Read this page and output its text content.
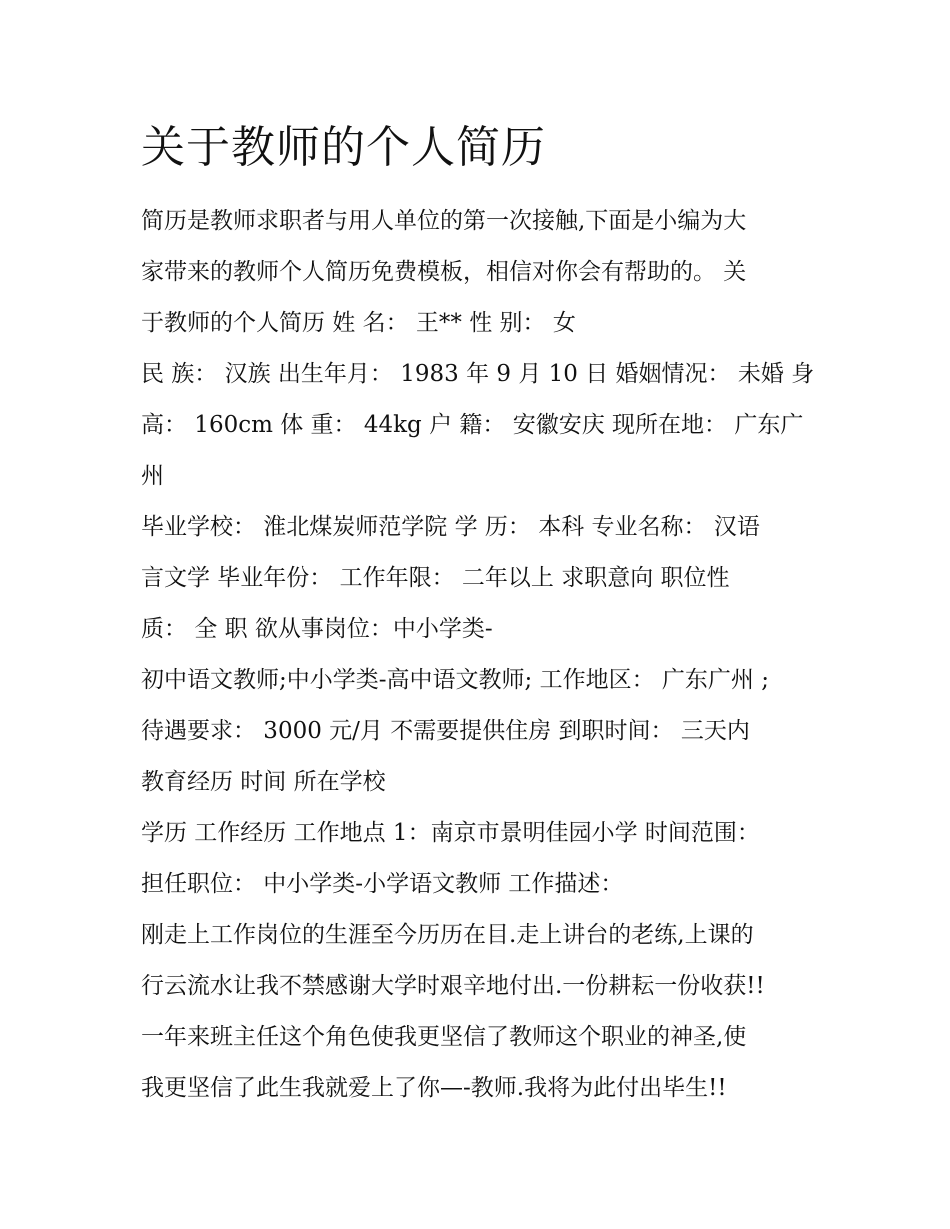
关于教师的个人简历
简历是教师求职者与用人单位的第一次接触,下面是小编为大
家带来的教师个人简历免费模板，相信对你会有帮助的。 关
于教师的个人简历 姓 名： 王** 性 别： 女
民 族： 汉族 出生年月： 1983 年 9 月 10 日 婚姻情况： 未婚 身
高： 160cm 体 重： 44kg 户 籍： 安徽安庆 现所在地： 广东广
州
毕业学校： 淮北煤炭师范学院 学 历： 本科 专业名称： 汉语
言文学 毕业年份： 工作年限： 二年以上 求职意向 职位性
质： 全 职 欲从事岗位：中小学类-
初中语文教师;中小学类-高中语文教师; 工作地区： 广东广州 ;
待遇要求： 3000 元/月 不需要提供住房 到职时间： 三天内
教育经历 时间 所在学校
学历 工作经历 工作地点 1：南京市景明佳园小学 时间范围：
担任职位： 中小学类-小学语文教师 工作描述：
刚走上工作岗位的生涯至今历历在目.走上讲台的老练,上课的
行云流水让我不禁感谢大学时艰辛地付出.一份耕耘一份收获!!
一年来班主任这个角色使我更坚信了教师这个职业的神圣,使
我更坚信了此生我就爱上了你—-教师.我将为此付出毕生!!
